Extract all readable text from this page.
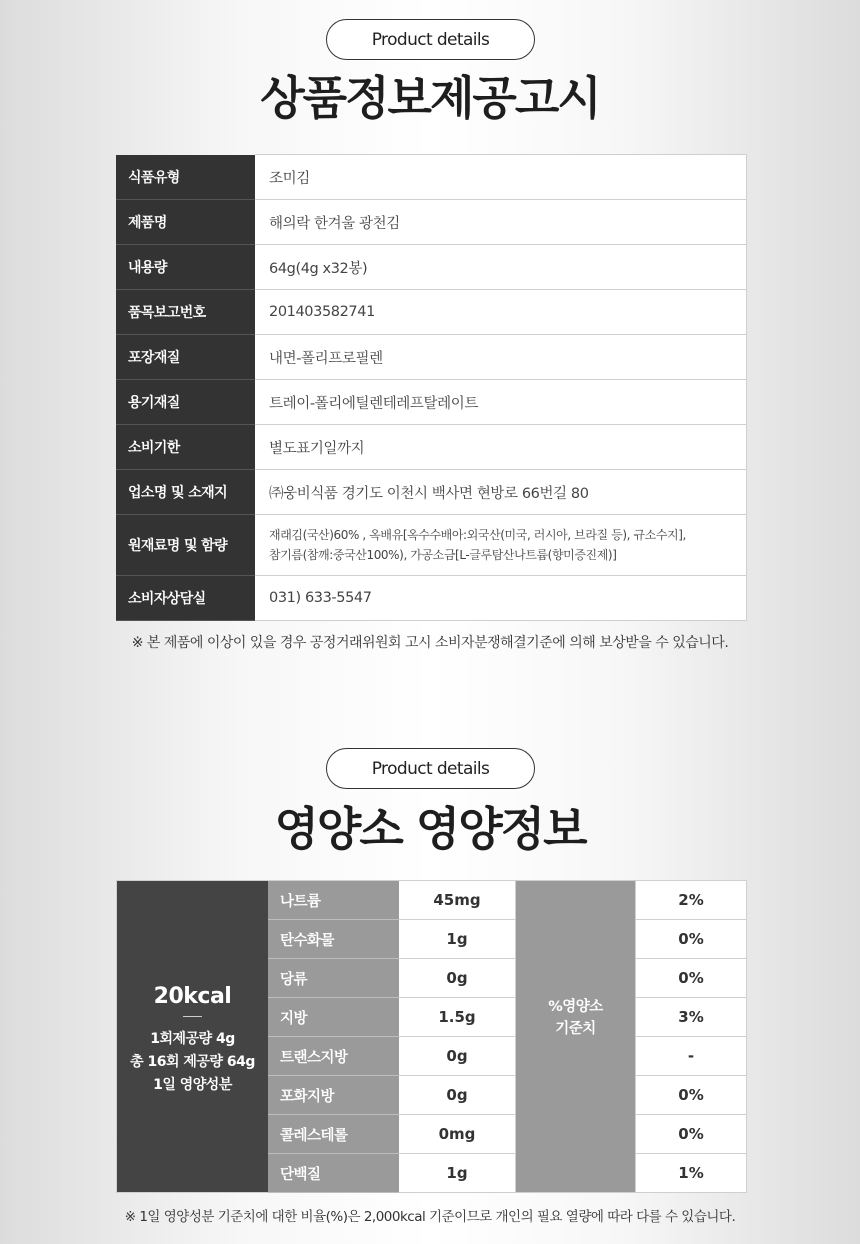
Product details
상품정보제공고시
식품유형	조미김
제품명	해의락 한겨울 광천김
내용량	64g(4g x32봉)
품목보고번호	201403582741
포장재질	내면-폴리프로필렌
용기재질	트레이-폴리에틸렌테레프탈레이트
소비기한	별도표기일까지
업소명 및 소재지	㈜웅비식품 경기도 이천시 백사면 현방로 66번길 80
원재료명 및 함량	재래김(국산)60% , 옥배유[옥수수배아:외국산(미국, 러시아, 브라질 등), 규소수지],
참기름(참깨:중국산100%), 가공소금[L-글루탐산나트륨(향미증진제)]

소비자상담실	031) 633-5547
※ 본 제품에 이상이 있을 경우 공정거래위원회 고시 소비자분쟁해결기준에 의해 보상받을 수 있습니다.
Product details
영양소 영양정보
20kcal
1회제공량 4g
총 16회 제공량 64g
1일 영양성분
나트륨	45mg	2%
탄수화물	1g	0%
당류	0g	0%
지방	1.5g	3%
트랜스지방	0g	-
포화지방	0g	0%
콜레스테롤	0mg	0%
단백질	1g	1%
%영양소
기준치
※ 1일 영양성분 기준치에 대한 비율(%)은 2,000kcal 기준이므로 개인의 필요 열량에 따라 다를 수 있습니다.
